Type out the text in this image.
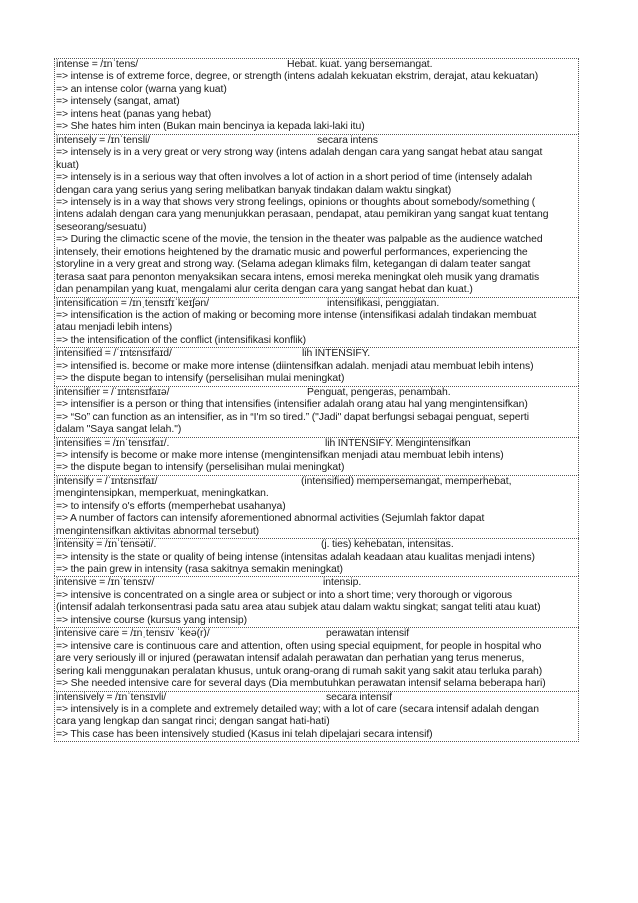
intense = /ɪnˈtens/	Hebat. kuat. yang bersemangat.
=> intense is of extreme force, degree, or strength (intens adalah kekuatan ekstrim, derajat, atau kekuatan)
=> an intense color (warna yang kuat)
=> intensely (sangat, amat)
=> intens heat (panas yang hebat)
=> She hates him inten (Bukan main bencinya ia kepada laki-laki itu)
intensely = /ɪnˈtensli/	secara intens
=> intensely is in a very great or very strong way (intens adalah dengan cara yang sangat hebat atau sangat
kuat)
=> intensely is in a serious way that often involves a lot of action in a short period of time (intensely adalah
dengan cara yang serius yang sering melibatkan banyak tindakan dalam waktu singkat)
=> intensely is in a way that shows very strong feelings, opinions or thoughts about somebody/something (
intens adalah dengan cara yang menunjukkan perasaan, pendapat, atau pemikiran yang sangat kuat tentang
seseorang/sesuatu)
=> During the climactic scene of the movie, the tension in the theater was palpable as the audience watched
intensely, their emotions heightened by the dramatic music and powerful performances, experiencing the
storyline in a very great and strong way. (Selama adegan klimaks film, ketegangan di dalam teater sangat
terasa saat para penonton menyaksikan secara intens, emosi mereka meningkat oleh musik yang dramatis
dan penampilan yang kuat, mengalami alur cerita dengan cara yang sangat hebat dan kuat.)
intensification = /ɪnˌtensɪfɪˈkeɪʃən/	intensifikasi, penggiatan.
=> intensification is the action of making or becoming more intense (intensifikasi adalah tindakan membuat
atau menjadi lebih intens)
=> the intensification of the conflict (intensifikasi konflik)
intensified = /ˈɪntɛnsɪfaɪd/	lih INTENSIFY.
=> intensified is. become or make more intense (diintensifkan adalah. menjadi atau membuat lebih intens)
=> the dispute began to intensify (perselisihan mulai meningkat)
intensifier = /ˈɪntɛnsɪfaɪə/	Penguat, pengeras, penambah.
=> intensifier is a person or thing that intensifies (intensifier adalah orang atau hal yang mengintensifkan)
=> “So” can function as an intensifier, as in “I'm so tired.” ("Jadi" dapat berfungsi sebagai penguat, seperti
dalam "Saya sangat lelah.")
intensifies = /ɪnˈtensɪfaɪ/.	lih INTENSIFY. Mengintensifkan
=> intensify is become or make more intense (mengintensifkan menjadi atau membuat lebih intens)
=> the dispute began to intensify (perselisihan mulai meningkat)
intensify = /ˈɪntɛnsɪfaɪ/	(intensified) mempersemangat, memperhebat,
mengintensipkan, memperkuat, meningkatkan.
=> to intensify o's efforts (memperhebat usahanya)
=> A number of factors can intensify aforementioned abnormal activities (Sejumlah faktor dapat
mengintensifkan aktivitas abnormal tersebut)
intensity = /ɪnˈtensəti/.	(j. ties) kehebatan, intensitas.
=> intensity is the state or quality of being intense (intensitas adalah keadaan atau kualitas menjadi intens)
=> the pain grew in intensity (rasa sakitnya semakin meningkat)
intensive = /ɪnˈtensɪv/	intensip.
=> intensive is concentrated on a single area or subject or into a short time; very thorough or vigorous
(intensif adalah terkonsentrasi pada satu area atau subjek atau dalam waktu singkat; sangat teliti atau kuat)
=> intensive course (kursus yang intensip)
intensive care = /ɪnˌtensɪv ˈkeə(r)/	perawatan intensif
=> intensive care is continuous care and attention, often using special equipment, for people in hospital who
are very seriously ill or injured (perawatan intensif adalah perawatan dan perhatian yang terus menerus,
sering kali menggunakan peralatan khusus, untuk orang-orang di rumah sakit yang sakit atau terluka parah)
=> She needed intensive care for several days (Dia membutuhkan perawatan intensif selama beberapa hari)
intensively = /ɪnˈtensɪvli/	secara intensif
=> intensively is in a complete and extremely detailed way; with a lot of care (secara intensif adalah dengan
cara yang lengkap dan sangat rinci; dengan sangat hati-hati)
=> This case has been intensively studied (Kasus ini telah dipelajari secara intensif)
